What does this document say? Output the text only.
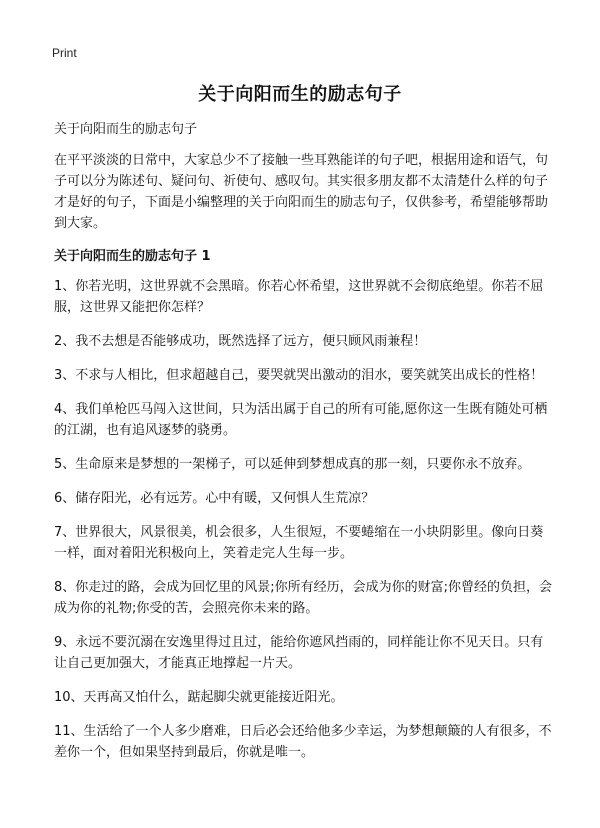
Print
关于向阳而生的励志句子

关于向阳而生的励志句子

在平平淡淡的日常中，大家总少不了接触一些耳熟能详的句子吧，根据用途和语气，句子可以分为陈述句、疑问句、祈使句、感叹句。其实很多朋友都不太清楚什么样的句子才是好的句子，下面是小编整理的关于向阳而生的励志句子，仅供参考，希望能够帮助到大家。

关于向阳而生的励志句子 1

1、你若光明，这世界就不会黑暗。你若心怀希望，这世界就不会彻底绝望。你若不屈服，这世界又能把你怎样？
2、我不去想是否能够成功，既然选择了远方，便只顾风雨兼程！
3、不求与人相比，但求超越自己，要哭就哭出激动的泪水，要笑就笑出成长的性格！
4、我们单枪匹马闯入这世间，只为活出属于自己的所有可能,愿你这一生既有随处可栖的江湖，也有追风逐梦的骁勇。
5、生命原来是梦想的一架梯子，可以延伸到梦想成真的那一刻，只要你永不放弃。
6、储存阳光，必有远芳。心中有暖，又何惧人生荒凉？
7、世界很大，风景很美，机会很多，人生很短，不要蜷缩在一小块阴影里。像向日葵一样，面对着阳光积极向上，笑着走完人生每一步。
8、你走过的路，会成为回忆里的风景;你所有经历，会成为你的财富;你曾经的负担，会成为你的礼物;你受的苦，会照亮你未来的路。
9、永远不要沉溺在安逸里得过且过，能给你遮风挡雨的，同样能让你不见天日。只有让自己更加强大，才能真正地撑起一片天。
10、天再高又怕什么，踮起脚尖就更能接近阳光。
11、生活给了一个人多少磨难，日后必会还给他多少幸运，为梦想颠簸的人有很多，不差你一个，但如果坚持到最后，你就是唯一。
